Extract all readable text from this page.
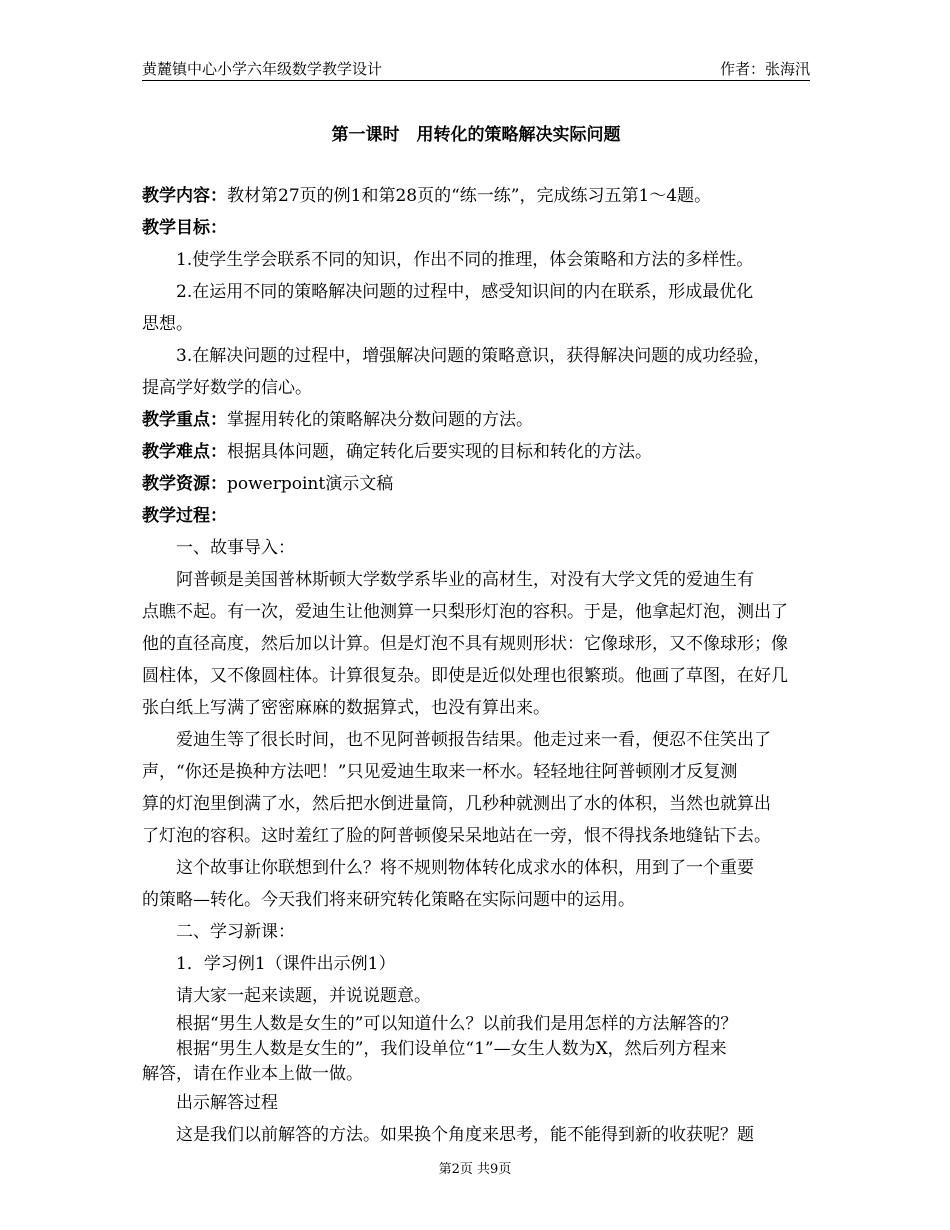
黄麓镇中心小学六年级数学教学设计	作者：张海汛
第一课时　用转化的策略解决实际问题

教学内容：教材第27页的例1和第28页的“练一练”，完成练习五第1～4题。

教学目标：

1.使学生学会联系不同的知识，作出不同的推理，体会策略和方法的多样性。

2.在运用不同的策略解决问题的过程中，感受知识间的内在联系，形成最优化

思想。

3.在解决问题的过程中，增强解决问题的策略意识，获得解决问题的成功经验，

提高学好数学的信心。

教学重点：掌握用转化的策略解决分数问题的方法。

教学难点：根据具体问题，确定转化后要实现的目标和转化的方法。

教学资源：powerpoint演示文稿

教学过程：

一、故事导入：

阿普顿是美国普林斯顿大学数学系毕业的高材生，对没有大学文凭的爱迪生有

点瞧不起。有一次，爱迪生让他测算一只梨形灯泡的容积。于是，他拿起灯泡，测出了

他的直径高度，然后加以计算。但是灯泡不具有规则形状：它像球形，又不像球形；像

圆柱体，又不像圆柱体。计算很复杂。即使是近似处理也很繁琐。他画了草图，在好几

张白纸上写满了密密麻麻的数据算式，也没有算出来。

爱迪生等了很长时间，也不见阿普顿报告结果。他走过来一看，便忍不住笑出了

声，“你还是换种方法吧！”只见爱迪生取来一杯水。轻轻地往阿普顿刚才反复测

算的灯泡里倒满了水，然后把水倒进量筒，几秒种就测出了水的体积，当然也就算出

了灯泡的容积。这时羞红了脸的阿普顿傻呆呆地站在一旁，恨不得找条地缝钻下去。

这个故事让你联想到什么？将不规则物体转化成求水的体积，用到了一个重要

的策略—转化。今天我们将来研究转化策略在实际问题中的运用。

二、学习新课：

1．学习例1（课件出示例1）

请大家一起来读题，并说说题意。

根据“男生人数是女生的”可以知道什么？以前我们是用怎样的方法解答的？

根据“男生人数是女生的”，我们设单位“1”—女生人数为X，然后列方程来

解答，请在作业本上做一做。

出示解答过程

这是我们以前解答的方法。如果换个角度来思考，能不能得到新的收获呢？题

第2页 共9页
